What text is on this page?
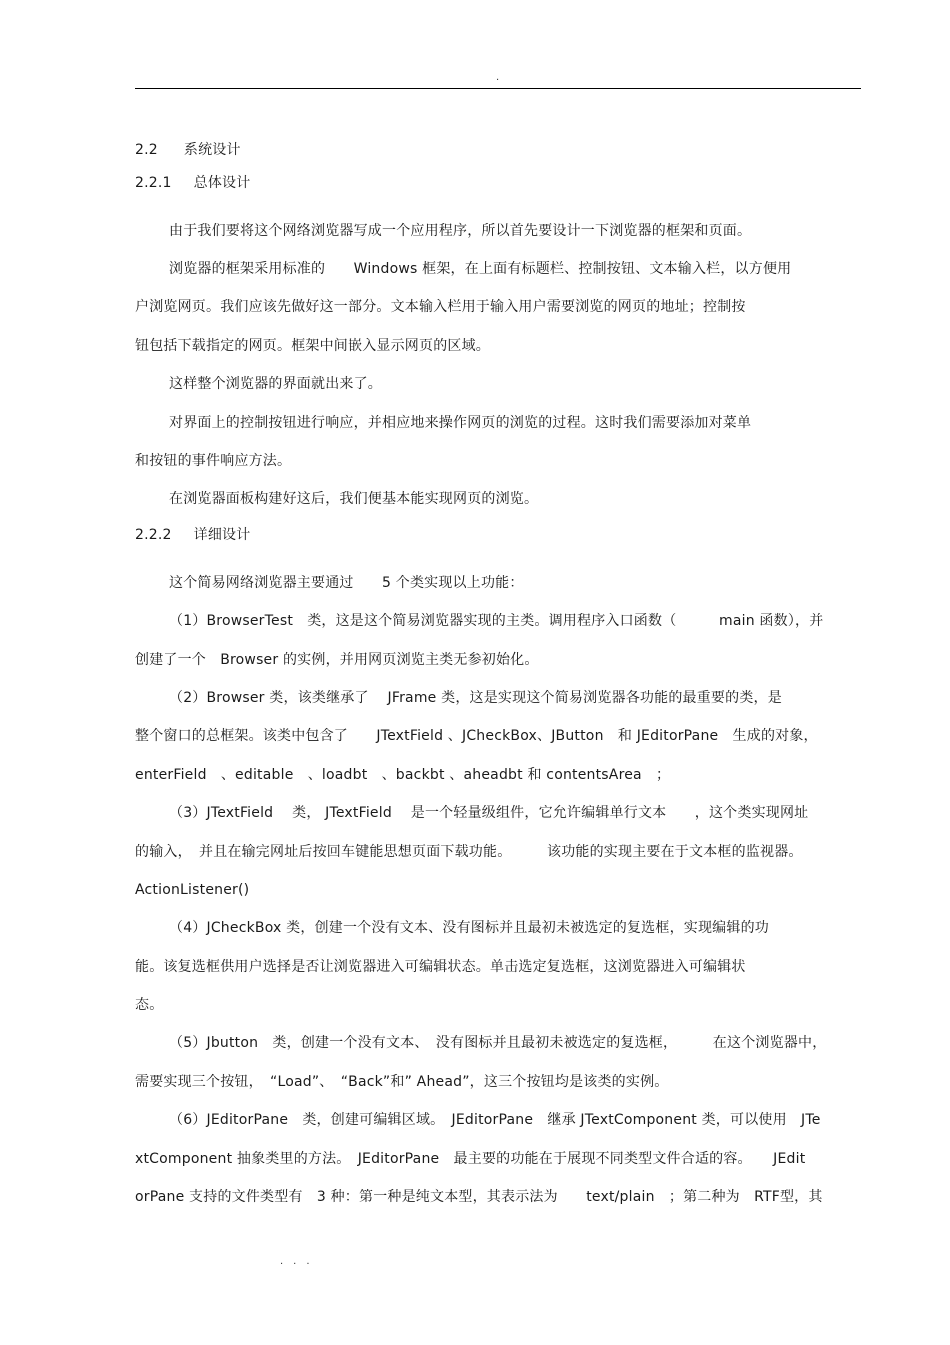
.
2.2 系统设计
2.2.1 总体设计
由于我们要将这个网络浏览器写成一个应用程序，所以首先要设计一下浏览器的框架和页面。
浏览器的框架采用标准的　　Windows 框架，在上面有标题栏、控制按钮、文本输入栏，以方便用
户浏览网页。我们应该先做好这一部分。文本输入栏用于输入用户需要浏览的网页的地址；控制按
钮包括下载指定的网页。框架中间嵌入显示网页的区域。
这样整个浏览器的界面就出来了。
对界面上的控制按钮进行响应，并相应地来操作网页的浏览的过程。这时我们需要添加对菜单
和按钮的事件响应方法。
在浏览器面板构建好这后，我们便基本能实现网页的浏览。
2.2.2 详细设计
这个简易网络浏览器主要通过　　5 个类实现以上功能：
（1）BrowserTest　类，这是这个简易浏览器实现的主类。调用程序入口函数（　　　main 函数），并
创建了一个　Browser 的实例，并用网页浏览主类无参初始化。
（2）Browser 类，该类继承了　 JFrame 类，这是实现这个简易浏览器各功能的最重要的类，是
整个窗口的总框架。该类中包含了　　JTextField 、JCheckBox、JButton　和 JEditorPane　生成的对象，
enterField　、editable　、loadbt　、backbt 、aheadbt 和 contentsArea　；
（3）JTextField　 类， JTextField　 是一个轻量级组件，它允许编辑单行文本　　，这个类实现网址
的输入，　并且在输完网址后按回车键能思想页面下载功能。　　　该功能的实现主要在于文本框的监视器。
ActionListener()
（4）JCheckBox 类，创建一个没有文本、没有图标并且最初未被选定的复选框，实现编辑的功
能。该复选框供用户选择是否让浏览器进入可编辑状态。单击选定复选框，这浏览器进入可编辑状
态。
（5）Jbutton　类，创建一个没有文本、　没有图标并且最初未被选定的复选框，　　　在这个浏览器中，
需要实现三个按钮，　“Load”、　“Back”和” Ahead”，这三个按钮均是该类的实例。
（6）JEditorPane　类，创建可编辑区域。　JEditorPane　继承 JTextComponent 类，可以使用　JTe
xtComponent 抽象类里的方法。　JEditorPane　最主要的功能在于展现不同类型文件合适的容。　　JEdit
orPane 支持的文件类型有　3 种：第一种是纯文本型，其表示法为　　text/plain　；第二种为　RTF型，其
...
